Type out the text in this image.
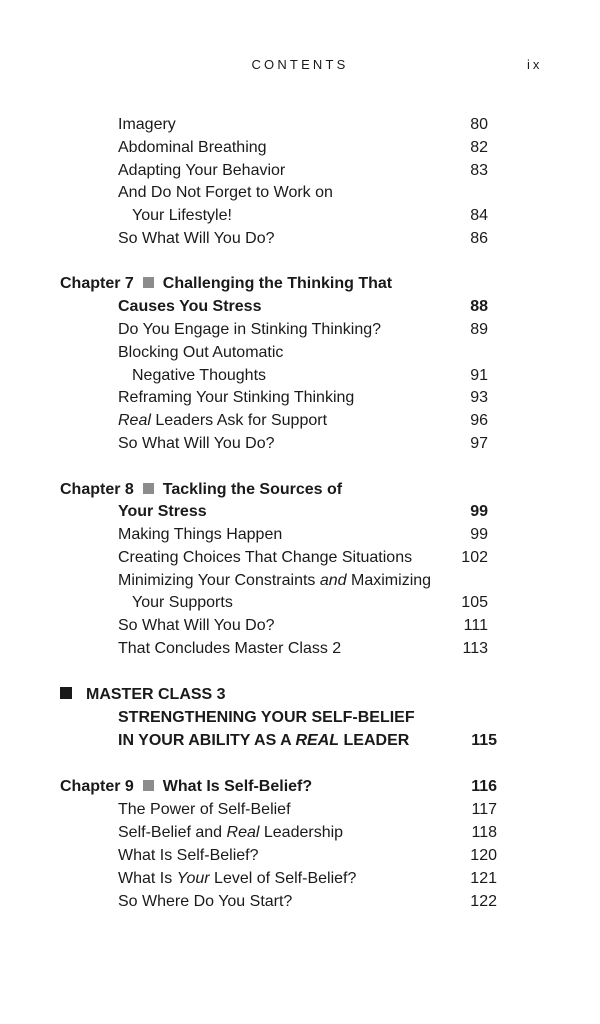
CONTENTS	ix
Imagery	80
Abdominal Breathing	82
Adapting Your Behavior	83
And Do Not Forget to Work on
Your Lifestyle!	84
So What Will You Do?	86
Chapter 7 Challenging the Thinking That
Causes You Stress	88
Do You Engage in Stinking Thinking?	89
Blocking Out Automatic
Negative Thoughts	91
Reframing Your Stinking Thinking	93
Real Leaders Ask for Support	96
So What Will You Do?	97
Chapter 8 Tackling the Sources of
Your Stress	99
Making Things Happen	99
Creating Choices That Change Situations	102
Minimizing Your Constraints and Maximizing
Your Supports	105
So What Will You Do?	111
That Concludes Master Class 2	113
MASTER CLASS 3
STRENGTHENING YOUR SELF-BELIEF
IN YOUR ABILITY AS A REAL LEADER	115
Chapter 9 What Is Self-Belief?	116
The Power of Self-Belief	117
Self-Belief and Real Leadership	118
What Is Self-Belief?	120
What Is Your Level of Self-Belief?	121
So Where Do You Start?	122
